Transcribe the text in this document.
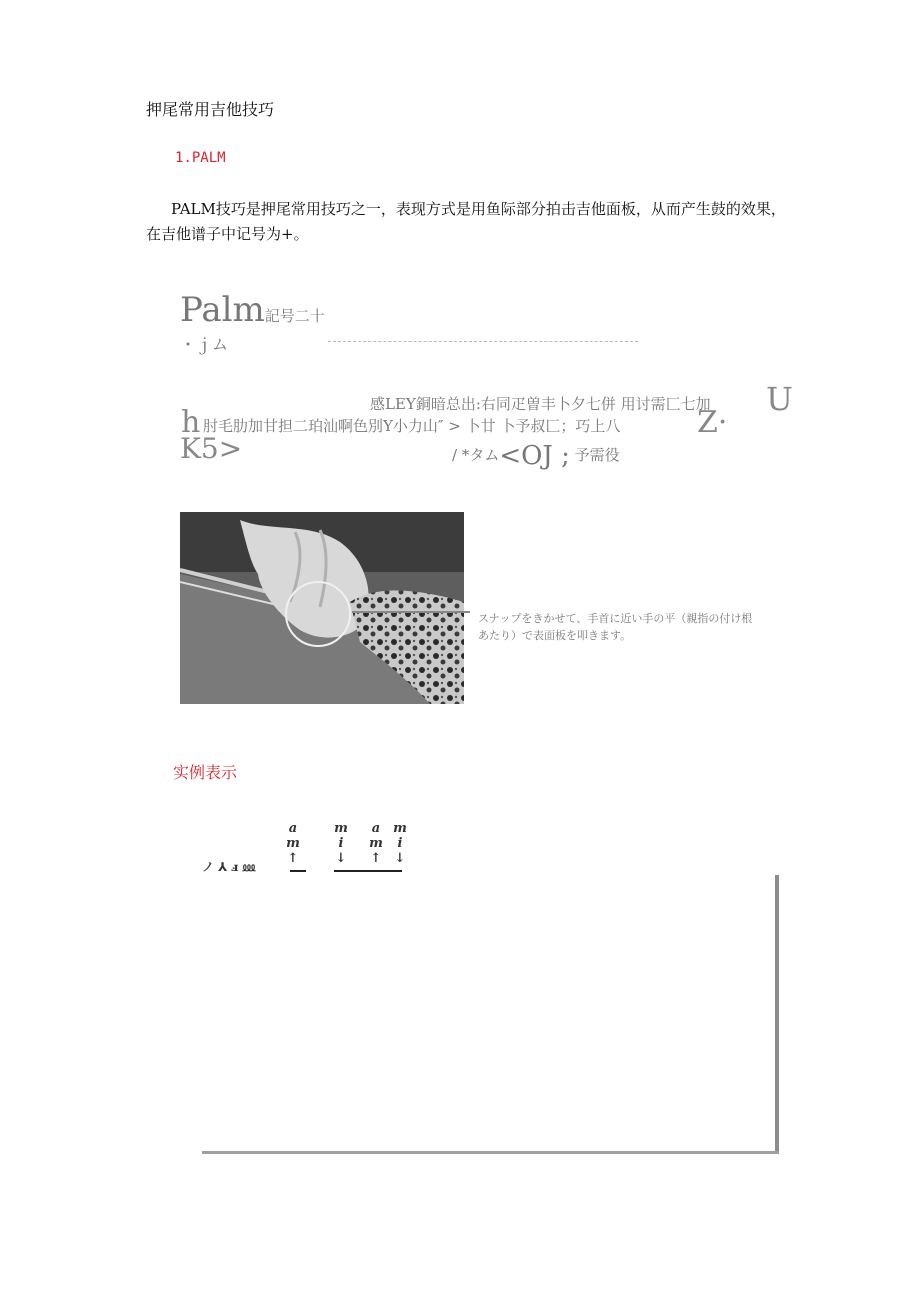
押尾常用吉他技巧
1.PALM
PALM技巧是押尾常用技巧之一，表现方式是用鱼际部分拍击吉他面板，从而产生鼓的效果，在吉他谱子中记号为+。
Palm記号二十
・ｊム
感LEY銅暗总出:右同疋曽丰卜夕七併 用讨需匚七加 U
h 肘毛肋加甘担二珀汕啊色別Y小力山″ > 卜廿 卜予叔匚；巧上八	Z·
K5>	/ *タム<OJ ; 予需役
スナップをきかせて、手首に近い手の平（親指の付け根
あたり）で表面板を叩きます。
实例表示
ノ ⅄ ⅎ ⅏
a
m
↑
m
i
↓
a
m
↑
m
i
↓
